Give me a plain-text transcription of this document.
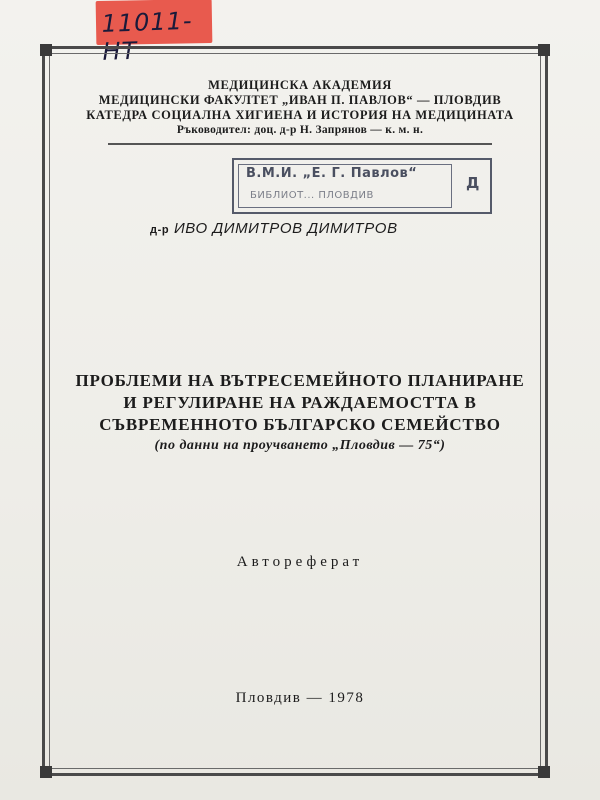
11011-НТ
МЕДИЦИНСКА АКАДЕМИЯ
МЕДИЦИНСКИ ФАКУЛТЕТ „ИВАН П. ПАВЛОВ“ — ПЛОВДИВ
КАТЕДРА СОЦИАЛНА ХИГИЕНА И ИСТОРИЯ НА МЕДИЦИНАТА
Ръководител: доц. д-р Н. Запрянов — к. м. н.
В.М.И. „Е. Г. Павлов“
БИБЛИОТ... ПЛОВДИВ
Д
д-р ИВО ДИМИТРОВ ДИМИТРОВ
ПРОБЛЕМИ НА ВЪТРЕСЕМЕЙНОТО ПЛАНИРАНЕ
И РЕГУЛИРАНЕ НА РАЖДАЕМОСТТА В
СЪВРЕМЕННОТО БЪЛГАРСКО СЕМЕЙСТВО
(по данни на проучването „Пловдив — 75“)
Автореферат
Пловдив — 1978
